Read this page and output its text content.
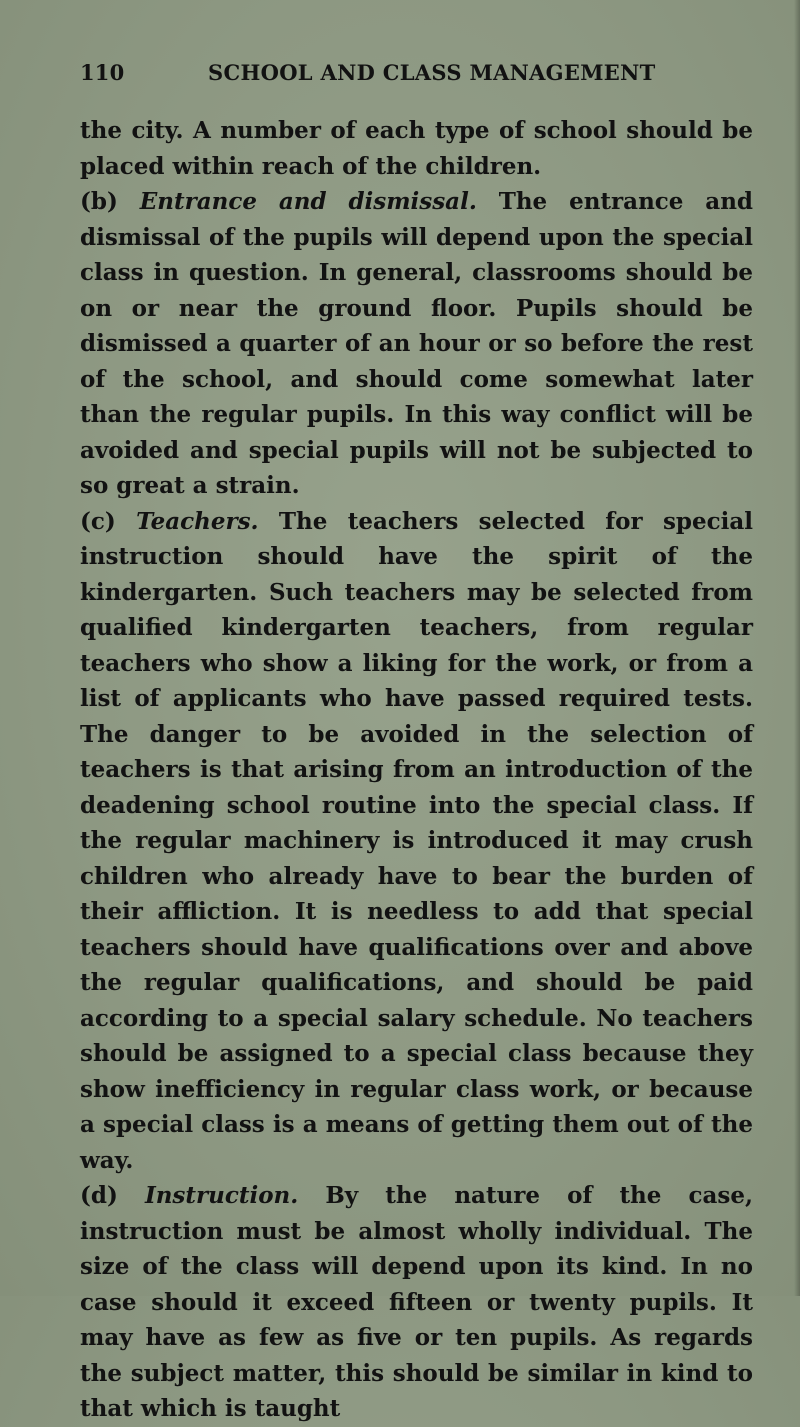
110	SCHOOL AND CLASS MANAGEMENT

the city. A number of each type of school should be placed within reach of the children.

(b) Entrance and dismissal. The entrance and dismissal of the pupils will depend upon the special class in question. In general, classrooms should be on or near the ground floor. Pupils should be dismissed a quarter of an hour or so before the rest of the school, and should come somewhat later than the regular pupils. In this way conflict will be avoided and special pupils will not be subjected to so great a strain.

(c) Teachers. The teachers selected for special instruction should have the spirit of the kindergarten. Such teachers may be selected from qualified kindergarten teachers, from regular teachers who show a liking for the work, or from a list of applicants who have passed required tests. The danger to be avoided in the selection of teachers is that arising from an introduction of the deadening school routine into the special class. If the regular machinery is introduced it may crush children who already have to bear the burden of their affliction. It is needless to add that special teachers should have qualifications over and above the regular qualifications, and should be paid according to a special salary schedule. No teachers should be assigned to a special class because they show inefficiency in regular class work, or because a special class is a means of getting them out of the way.

(d) Instruction. By the nature of the case, instruction must be almost wholly individual. The size of the class will depend upon its kind. In no case should it exceed fifteen or twenty pupils. It may have as few as five or ten pupils. As regards the subject matter, this should be similar in kind to that which is taught
